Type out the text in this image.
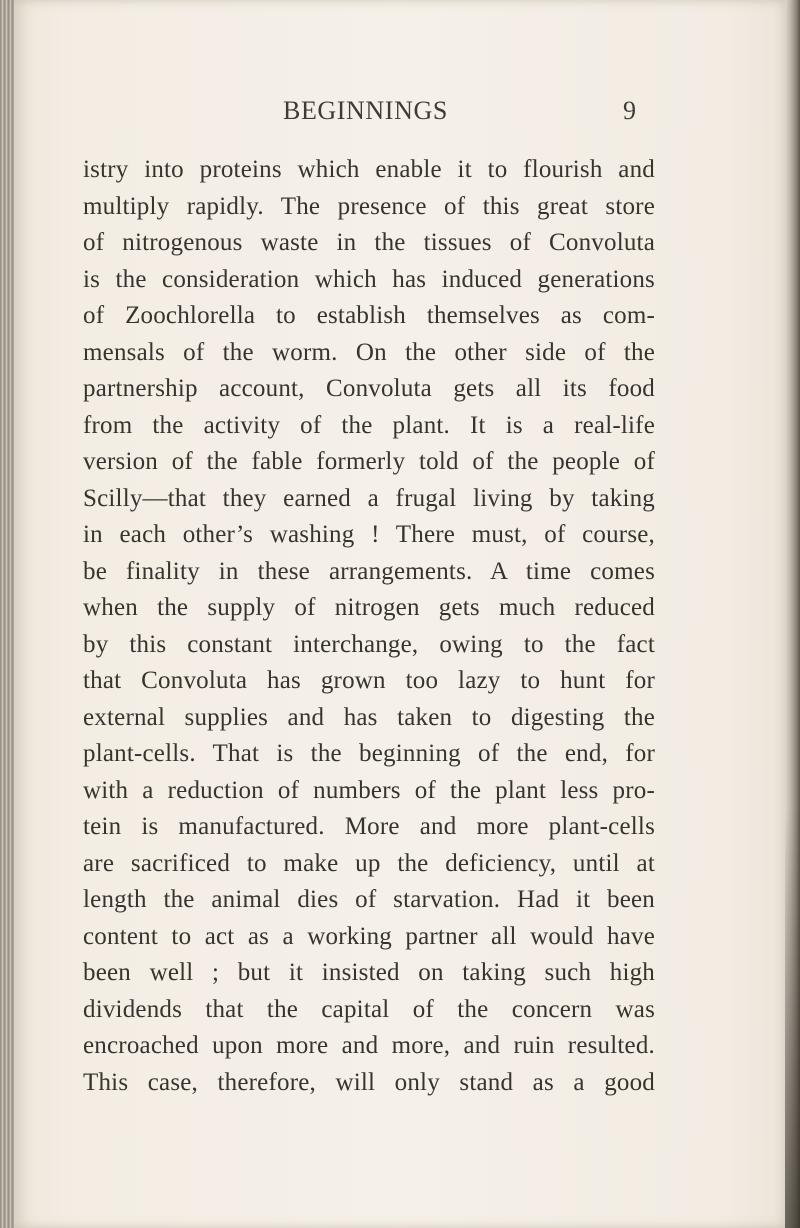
BEGINNINGS	9
istry into proteins which enable it to flourish and
multiply rapidly. The presence of this great store
of nitrogenous waste in the tissues of Convoluta
is the consideration which has induced generations
of Zoochlorella to establish themselves as com-
mensals of the worm. On the other side of the
partnership account, Convoluta gets all its food
from the activity of the plant. It is a real-life
version of the fable formerly told of the people of
Scilly—that they earned a frugal living by taking
in each other’s washing ! There must, of course,
be finality in these arrangements. A time comes
when the supply of nitrogen gets much reduced
by this constant interchange, owing to the fact
that Convoluta has grown too lazy to hunt for
external supplies and has taken to digesting the
plant-cells. That is the beginning of the end, for
with a reduction of numbers of the plant less pro-
tein is manufactured. More and more plant-cells
are sacrificed to make up the deficiency, until at
length the animal dies of starvation. Had it been
content to act as a working partner all would have
been well ; but it insisted on taking such high
dividends that the capital of the concern was
encroached upon more and more, and ruin resulted.
This case, therefore, will only stand as a good
